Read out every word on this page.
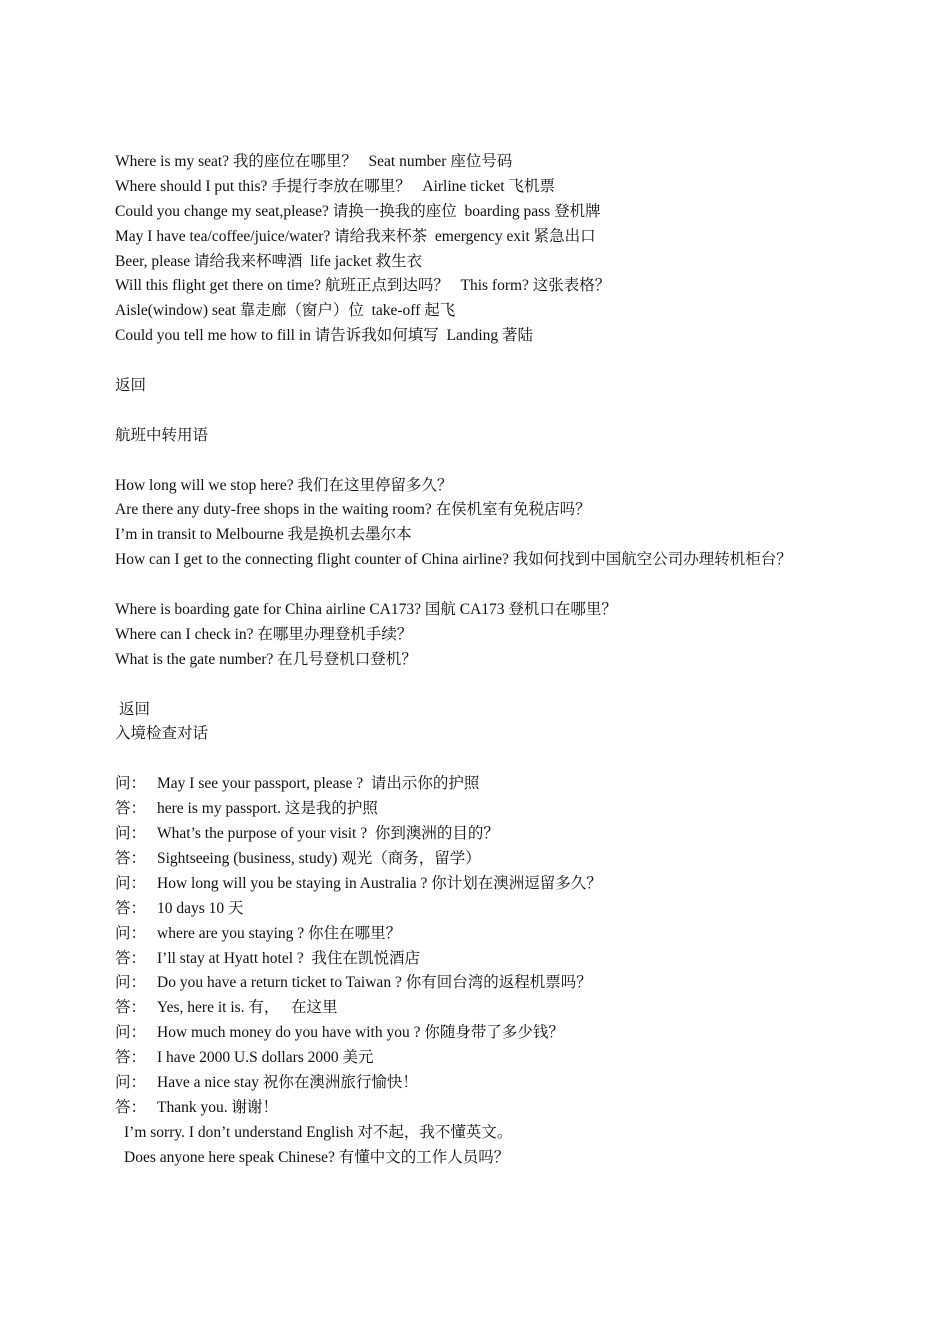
Where is my seat? 我的座位在哪里？   Seat number 座位号码
Where should I put this? 手提行李放在哪里？   Airline ticket 飞机票
Could you change my seat,please? 请换一换我的座位  boarding pass 登机牌
May I have tea/coffee/juice/water? 请给我来杯茶  emergency exit 紧急出口
Beer, please 请给我来杯啤酒  life jacket 救生衣
Will this flight get there on time? 航班正点到达吗？   This form? 这张表格？
Aisle(window) seat 靠走廊（窗户）位  take-off 起飞
Could you tell me how to fill in 请告诉我如何填写  Landing 著陆
返回
航班中转用语
How long will we stop here? 我们在这里停留多久？
Are there any duty-free shops in the waiting room? 在侯机室有免税店吗？
I’m in transit to Melbourne 我是换机去墨尔本
How can I get to the connecting flight counter of China airline? 我如何找到中国航空公司办理转机柜台？
Where is boarding gate for China airline CA173? 国航 CA173 登机口在哪里？
Where can I check in? 在哪里办理登机手续？
What is the gate number? 在几号登机口登机？
返回
入境检查对话
问： May I see your passport, please ?  请出示你的护照
答： here is my passport. 这是我的护照
问： What’s the purpose of your visit ?  你到澳洲的目的？
答： Sightseeing (business, study) 观光（商务，留学）
问： How long will you be staying in Australia ? 你计划在澳洲逗留多久？
答： 10 days 10 天
问： where are you staying ? 你住在哪里？
答： I’ll stay at Hyatt hotel ?  我住在凯悦酒店
问： Do you have a return ticket to Taiwan ? 你有回台湾的返程机票吗？
答： Yes, here it is. 有，   在这里
问： How much money do you have with you ? 你随身带了多少钱？
答： I have 2000 U.S dollars 2000 美元
问： Have a nice stay 祝你在澳洲旅行愉快！
答： Thank you. 谢谢！
I’m sorry. I don’t understand English 对不起，我不懂英文。
Does anyone here speak Chinese? 有懂中文的工作人员吗？
